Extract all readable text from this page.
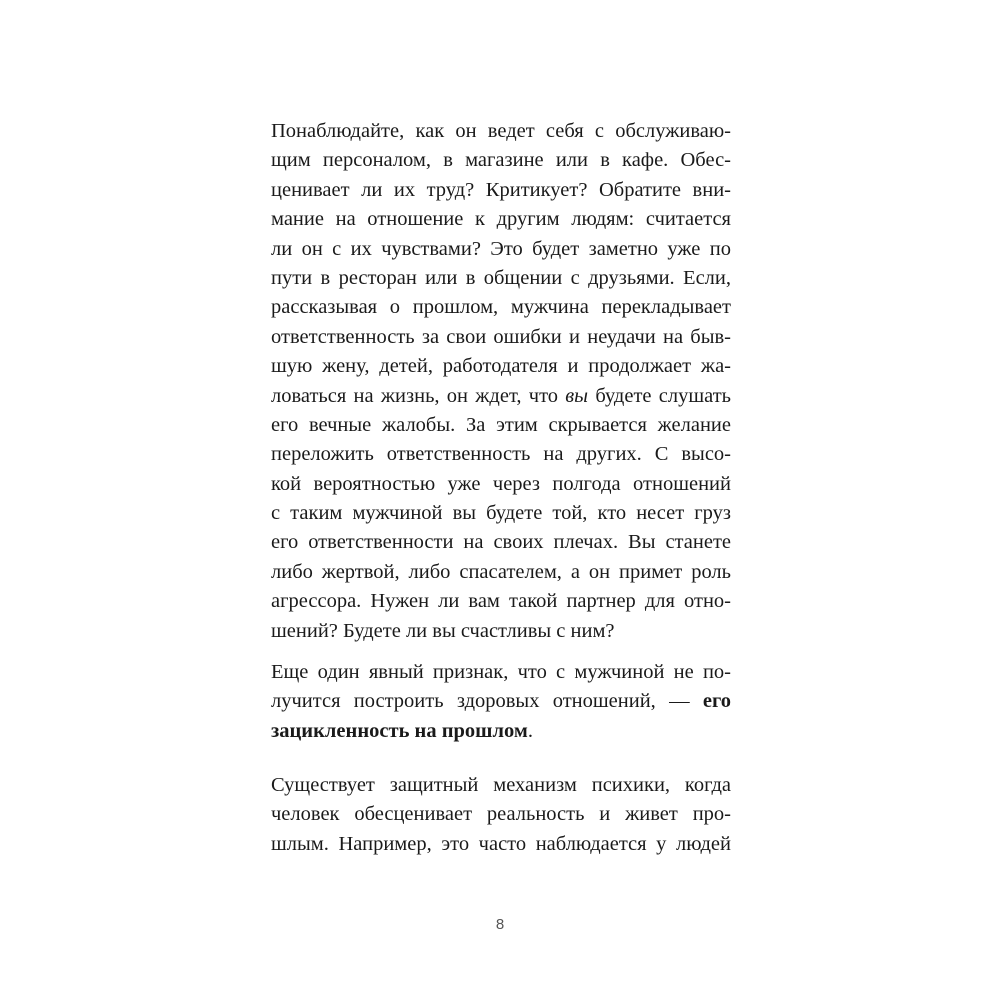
Понаблюдайте, как он ведет себя с обслуживаю-
щим персоналом, в магазине или в кафе. Обес-
ценивает ли их труд? Критикует? Обратите вни-
мание на отношение к другим людям: считается
ли он с их чувствами? Это будет заметно уже по
пути в ресторан или в общении с друзьями. Если,
рассказывая о прошлом, мужчина перекладывает
ответственность за свои ошибки и неудачи на быв-
шую жену, детей, работодателя и продолжает жа-
ловаться на жизнь, он ждет, что вы будете слушать
его вечные жалобы. За этим скрывается желание
переложить ответственность на других. С высо-
кой вероятностью уже через полгода отношений
с таким мужчиной вы будете той, кто несет груз
его ответственности на своих плечах. Вы станете
либо жертвой, либо спасателем, а он примет роль
агрессора. Нужен ли вам такой партнер для отно-
шений? Будете ли вы счастливы с ним?
Еще один явный признак, что с мужчиной не по-
лучится построить здоровых отношений, — его
зацикленность на прошлом.
Существует защитный механизм психики, когда
человек обесценивает реальность и живет про-
шлым. Например, это часто наблюдается у людей
8
